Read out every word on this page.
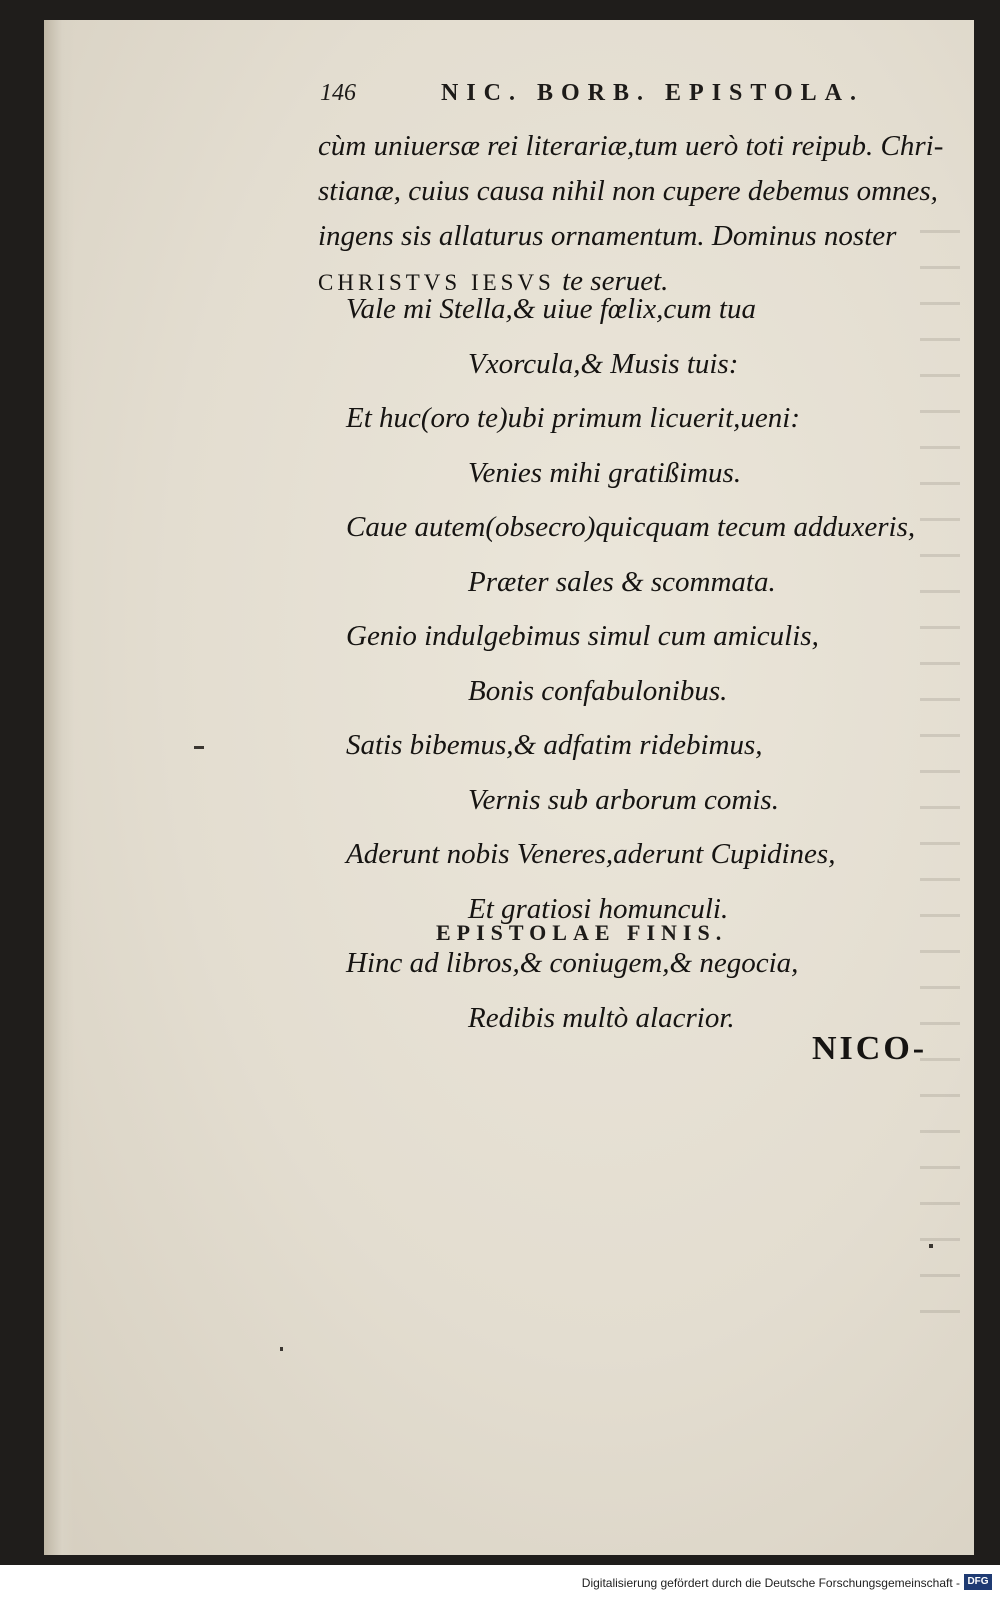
146	NIC. BORB. EPISTOLA.
cùm uniuersæ rei literariæ,tum uerò toti reipub. Chri-
stianæ, cuius causa nihil non cupere debemus omnes,
ingens sis allaturus ornamentum. Dominus noster
CHRISTVS IESVS te seruet.
Vale mi Stella,& uiue fœlix,cum tua
Vxorcula,& Musis tuis:
Et huc(oro te)ubi primum licuerit,ueni:
Venies mihi gratißimus.
Caue autem(obsecro)quicquam tecum adduxeris,
Præter sales & scommata.
Genio indulgebimus simul cum amiculis,
Bonis confabulonibus.
Satis bibemus,& adfatim ridebimus,
Vernis sub arborum comis.
Aderunt nobis Veneres,aderunt Cupidines,
Et gratiosi homunculi.
Hinc ad libros,& coniugem,& negocia,
Redibis multò alacrior.
EPISTOLAE FINIS.
NICO-
Digitalisierung gefördert durch die Deutsche Forschungsgemeinschaft - DFG
